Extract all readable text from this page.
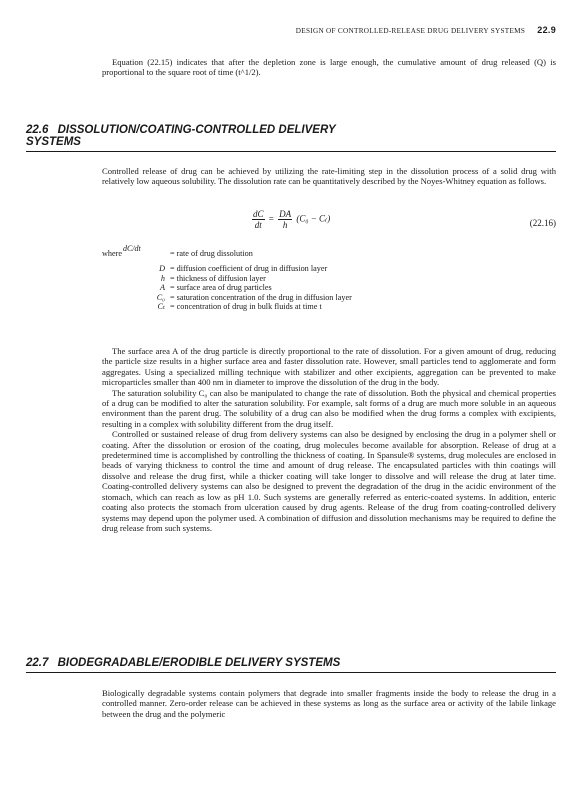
DESIGN OF CONTROLLED-RELEASE DRUG DELIVERY SYSTEMS 22.9

Equation (22.15) indicates that after the depletion zone is large enough, the cumulative amount of drug released (Q) is proportional to the square root of time (t^1/2).

22.6 DISSOLUTION/COATING-CONTROLLED DELIVERY
SYSTEMS

Controlled release of drug can be achieved by utilizing the rate-limiting step in the dissolution process of a solid drug with relatively low aqueous solubility. The dissolution rate can be quantitatively described by the Noyes-Whitney equation as follows.

$\frac{dC}{dt} = \frac{DA}{h} (C_0 - C_()$	(22.16)
where
dC/dt
= rate of drug dissolution
D = diffusion coefficient of drug in diffusion layer
h = thickness of diffusion layer
A = surface area of drug particles
C₀ = saturation concentration of the drug in diffusion layer
Cₜ = concentration of drug in bulk fluids at time t

The surface area A of the drug particle is directly proportional to the rate of dissolution. For a given amount of drug, reducing the particle size results in a higher surface area and faster dissolution rate. However, small particles tend to agglomerate and form aggregates. Using a specialized milling technique with stabilizer and other excipients, aggregation can be prevented to make microparticles smaller than 400 nm in diameter to improve the dissolution of the drug in the body.

The saturation solubility C₀ can also be manipulated to change the rate of dissolution. Both the physical and chemical properties of a drug can be modified to alter the saturation solubility. For example, salt forms of a drug are much more soluble in an aqueous environment than the parent drug. The solubility of a drug can also be modified when the drug forms a complex with excipients, resulting in a complex with solubility different from the drug itself.

Controlled or sustained release of drug from delivery systems can also be designed by enclosing the drug in a polymer shell or coating. After the dissolution or erosion of the coating, drug molecules become available for absorption. Release of drug at a predetermined time is accomplished by controlling the thickness of coating. In Spansule® systems, drug molecules are enclosed in beads of varying thickness to control the time and amount of drug release. The encapsulated particles with thin coatings will dissolve and release the drug first, while a thicker coating will take longer to dissolve and will release the drug at later time. Coating-controlled delivery systems can also be designed to prevent the degradation of the drug in the acidic environment of the stomach, which can reach as low as pH 1.0. Such systems are generally referred as enteric-coated systems. In addition, enteric coating also protects the stomach from ulceration caused by drug agents. Release of the drug from coating-controlled delivery systems may depend upon the polymer used. A combination of diffusion and dissolution mechanisms may be required to define the drug release from such systems.

22.7 BIODEGRADABLE/ERODIBLE DELIVERY SYSTEMS

Biologically degradable systems contain polymers that degrade into smaller fragments inside the body to release the drug in a controlled manner. Zero-order release can be achieved in these systems as long as the surface area or activity of the labile linkage between the drug and the polymeric
